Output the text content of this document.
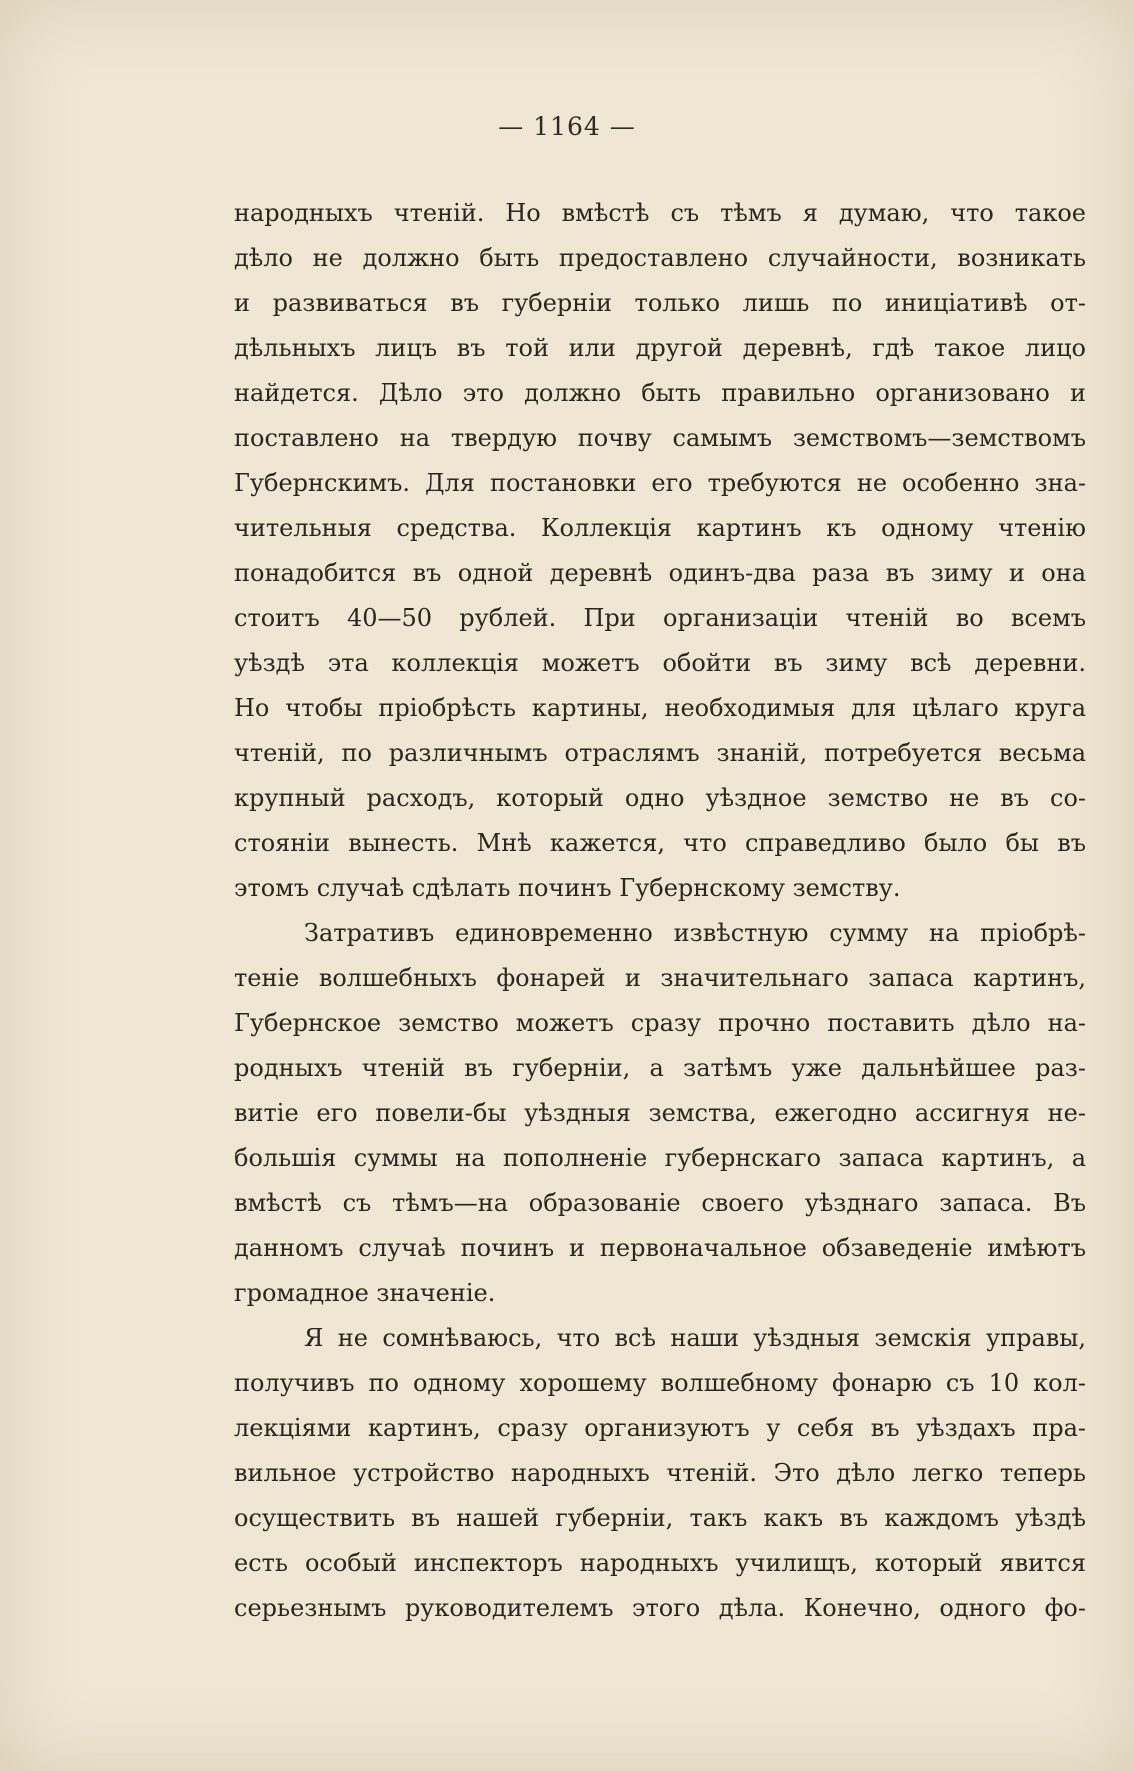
— 1164 —
народныхъ чтеній. Но вмѣстѣ съ тѣмъ я думаю, что такое
дѣло не должно быть предоставлено случайности, возникать
и развиваться въ губерніи только лишь по иниціативѣ от-
дѣльныхъ лицъ въ той или другой деревнѣ, гдѣ такое лицо
найдется. Дѣло это должно быть правильно организовано и
поставлено на твердую почву самымъ земствомъ—земствомъ
Губернскимъ. Для постановки его требуются не особенно зна-
чительныя средства. Коллекція картинъ къ одному чтенію
понадобится въ одной деревнѣ одинъ-два раза въ зиму и она
стоитъ 40—50 рублей. При организаціи чтеній во всемъ
уѣздѣ эта коллекція можетъ обойти въ зиму всѣ деревни.
Но чтобы пріобрѣсть картины, необходимыя для цѣлаго круга
чтеній, по различнымъ отраслямъ знаній, потребуется весьма
крупный расходъ, который одно уѣздное земство не въ со-
стояніи вынесть. Мнѣ кажется, что справедливо было бы въ
этомъ случаѣ сдѣлать починъ Губернскому земству.
Затративъ единовременно извѣстную сумму на пріобрѣ-
теніе волшебныхъ фонарей и значительнаго запаса картинъ,
Губернское земство можетъ сразу прочно поставить дѣло на-
родныхъ чтеній въ губерніи, а затѣмъ уже дальнѣйшее раз-
витіе его повели-бы уѣздныя земства, ежегодно ассигнуя не-
большія суммы на пополненіе губернскаго запаса картинъ, а
вмѣстѣ съ тѣмъ—на образованіе своего уѣзднаго запаса. Въ
данномъ случаѣ починъ и первоначальное обзаведеніе имѣютъ
громадное значеніе.
Я не сомнѣваюсь, что всѣ наши уѣздныя земскія управы,
получивъ по одному хорошему волшебному фонарю съ 10 кол-
лекціями картинъ, сразу организуютъ у себя въ уѣздахъ пра-
вильное устройство народныхъ чтеній. Это дѣло легко теперь
осуществить въ нашей губерніи, такъ какъ въ каждомъ уѣздѣ
есть особый инспекторъ народныхъ училищъ, который явится
серьезнымъ руководителемъ этого дѣла. Конечно, одного фо-
